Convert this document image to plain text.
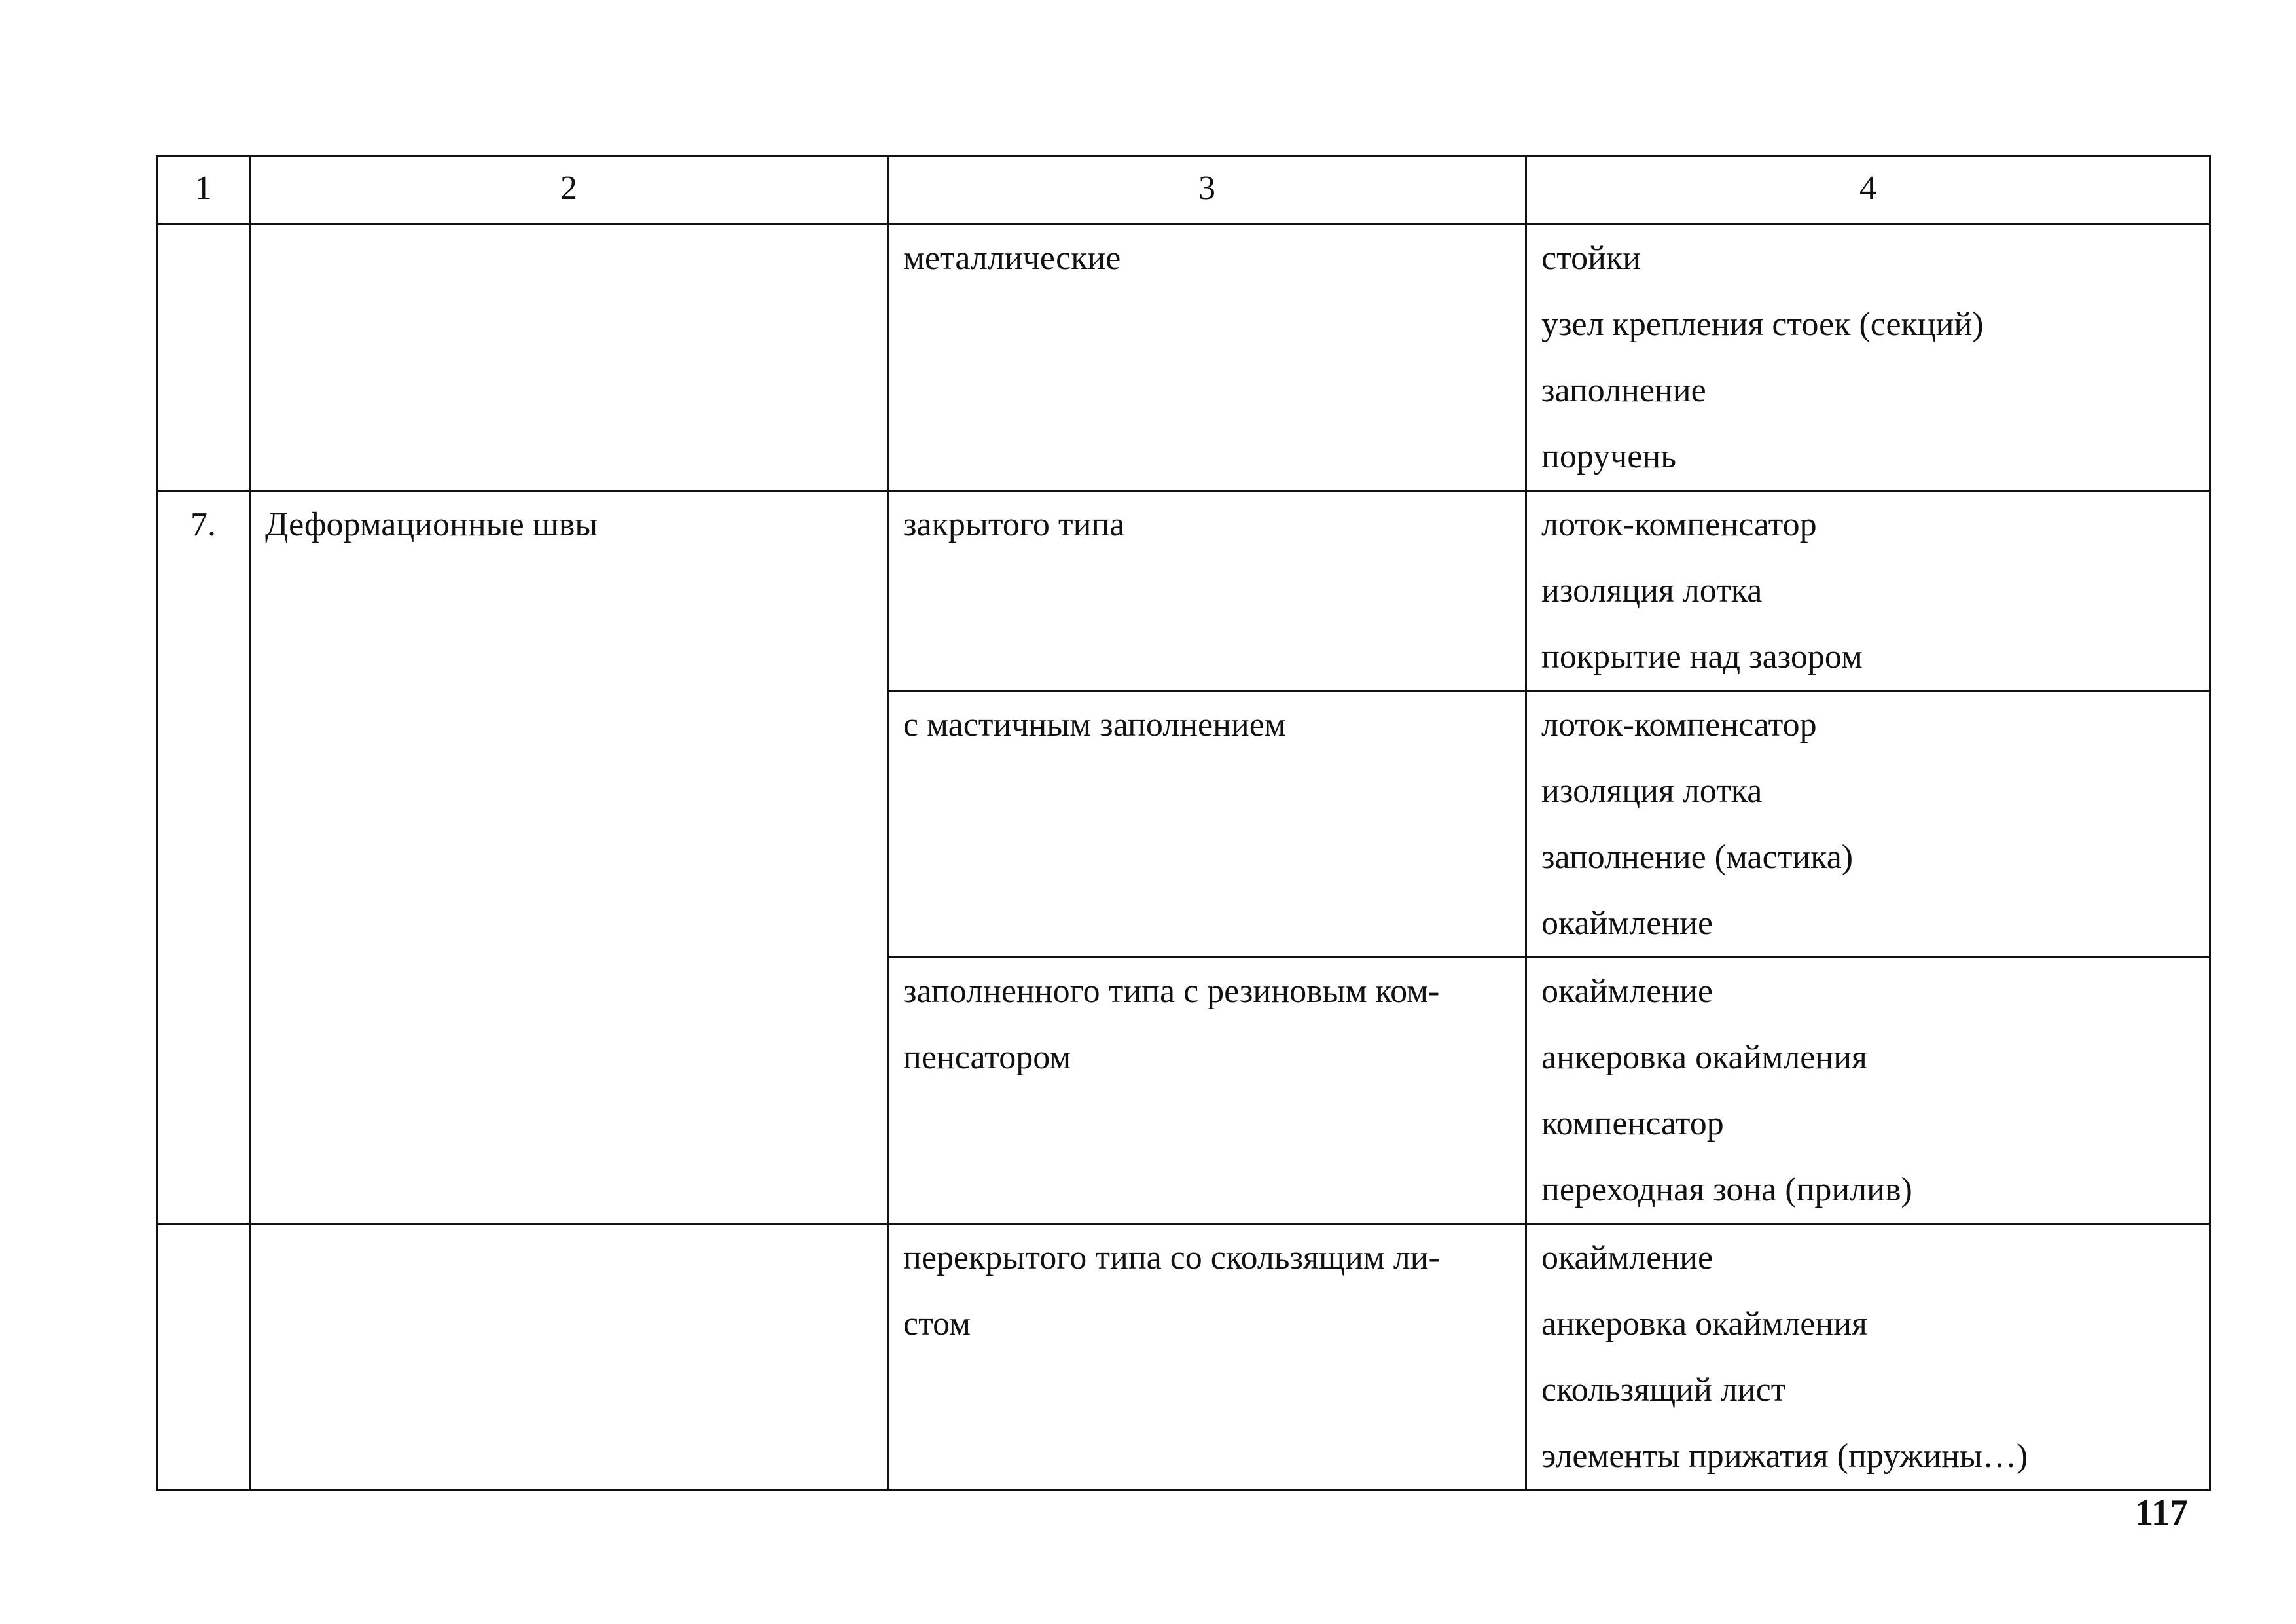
1	2	3	4

		металлические	стойки
узел крепления стоек (секций)
заполнение
поручень

7.	Деформационные швы	закрытого типа	лоток-компенсатор
изоляция лотка
покрытие над зазором

		с мастичным заполнением	лоток-компенсатор
изоляция лотка
заполнение (мастика)
окаймление

		заполненного типа с резиновым ком-
пенсатором	окаймление
анкеровка окаймления
компенсатор
переходная зона (прилив)

		перекрытого типа со скользящим ли-
стом	окаймление
анкеровка окаймления
скользящий лист
элементы прижатия (пружины…)
117
